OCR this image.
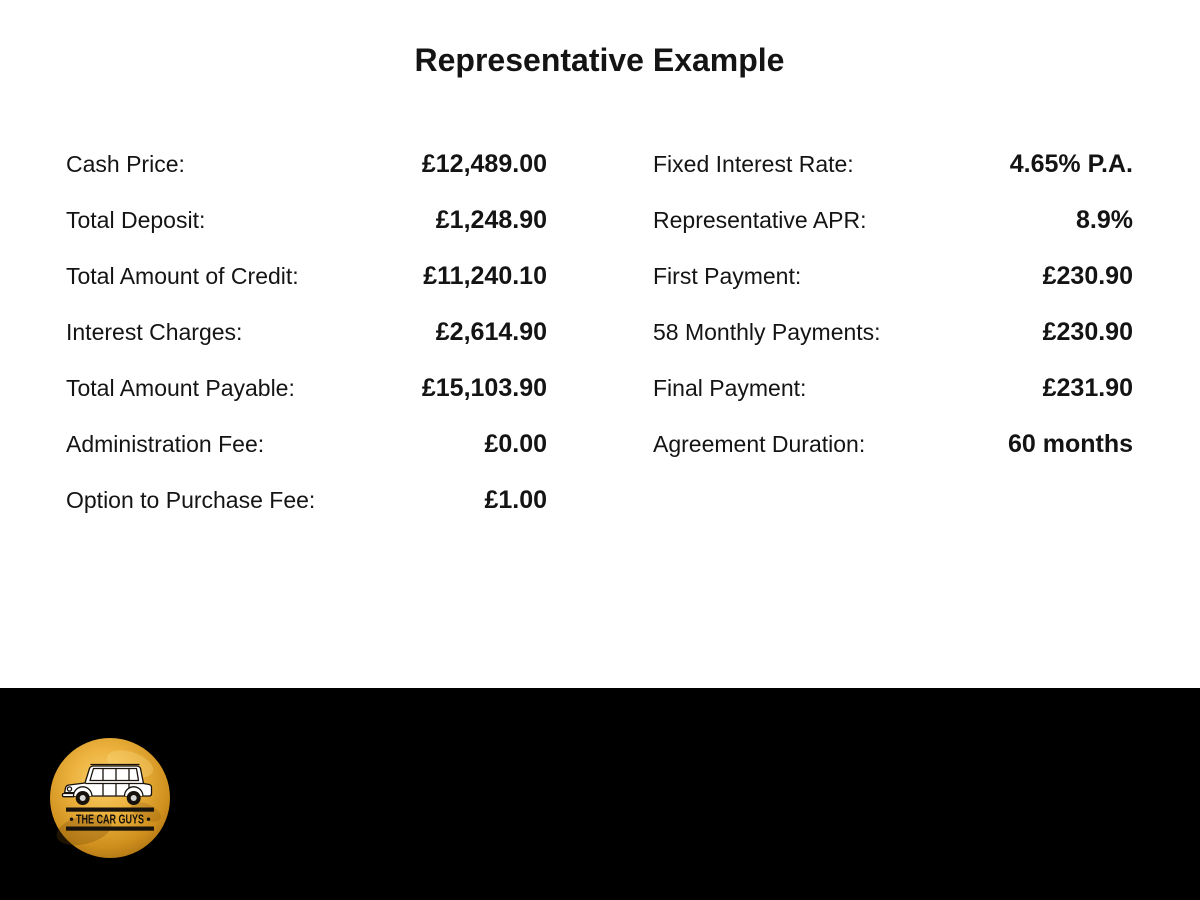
Representative Example
Cash Price:	£12,489.00
Total Deposit:	£1,248.90
Total Amount of Credit:	£11,240.10
Interest Charges:	£2,614.90
Total Amount Payable:	£15,103.90
Administration Fee:	£0.00
Option to Purchase Fee:	£1.00
Fixed Interest Rate:	4.65% P.A.
Representative APR:	8.9%
First Payment:	£230.90
58 Monthly Payments:	£230.90
Final Payment:	£231.90
Agreement Duration:	60 months
THE CAR GUYS
